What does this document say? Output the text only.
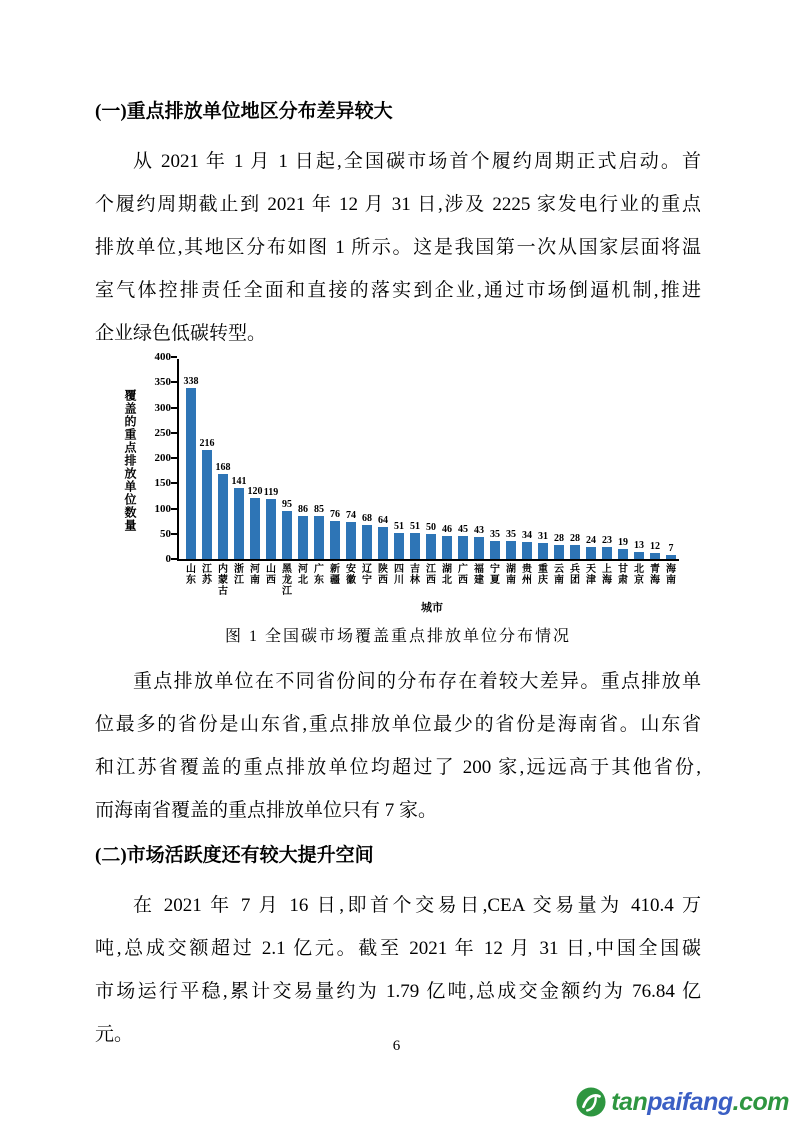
(一)重点排放单位地区分布差异较大
从 2021 年 1 月 1 日起,全国碳市场首个履约周期正式启动。首
个履约周期截止到 2021 年 12 月 31 日,涉及 2225 家发电行业的重点
排放单位,其地区分布如图 1 所示。这是我国第一次从国家层面将温
室气体控排责任全面和直接的落实到企业,通过市场倒逼机制,推进
企业绿色低碳转型。
覆盖的重点排放单位数量
338
216
168
141
120 119
95 86 85 76 74 68 64
51 51 50 46 45 43 35 35 34 31 28 28 24 23 19 13 12 7
0
50
100
150
200
250
300
350
400
山东
江苏
内蒙古
浙江
河南
山西
黑龙江
河北
广东
新疆
安徽
辽宁
陕西
四川
吉林
江西
湖北
广西
福建
宁夏
湖南
贵州
重庆
云南
兵团
天津
上海
甘肃
北京
青海
海南
城市
图 1 全国碳市场覆盖重点排放单位分布情况
重点排放单位在不同省份间的分布存在着较大差异。重点排放单
位最多的省份是山东省,重点排放单位最少的省份是海南省。山东省
和江苏省覆盖的重点排放单位均超过了 200 家,远远高于其他省份,
而海南省覆盖的重点排放单位只有 7 家。
(二)市场活跃度还有较大提升空间
在 2021 年 7 月 16 日,即首个交易日,CEA 交易量为 410.4 万
吨,总成交额超过 2.1 亿元。截至 2021 年 12 月 31 日,中国全国碳
市场运行平稳,累计交易量约为 1.79 亿吨,总成交金额约为 76.84 亿
元。
6
tan paifang .com
